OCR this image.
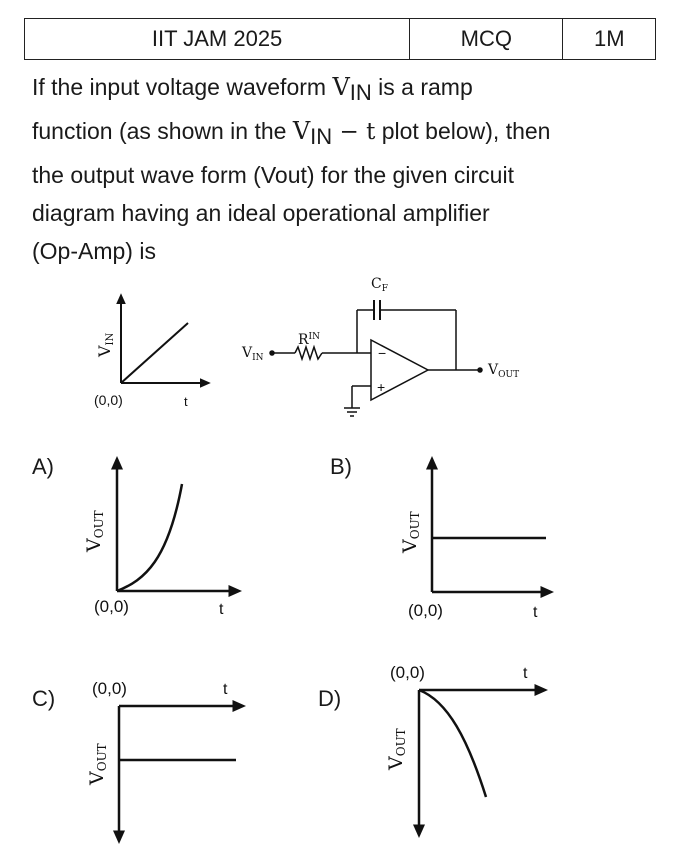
IIT JAM 2025	MCQ	1M
If the input voltage waveform $V_{IN}$ is a ramp
function (as shown in the $V_{IN} - t$ plot below), then
the output wave form (Vout) for the given circuit
diagram having an ideal operational amplifier
(Op-Amp) is
A)	B)
C)	D)
VIN
(0,0)	t
$C_F$
$R^{IN}$
$V_{IN}$
$V_{OUT}$
−
+
VOUT
(0,0)	t
VOUT
(0,0)	t
VOUT
(0,0)	t
VOUT
(0,0)	t
